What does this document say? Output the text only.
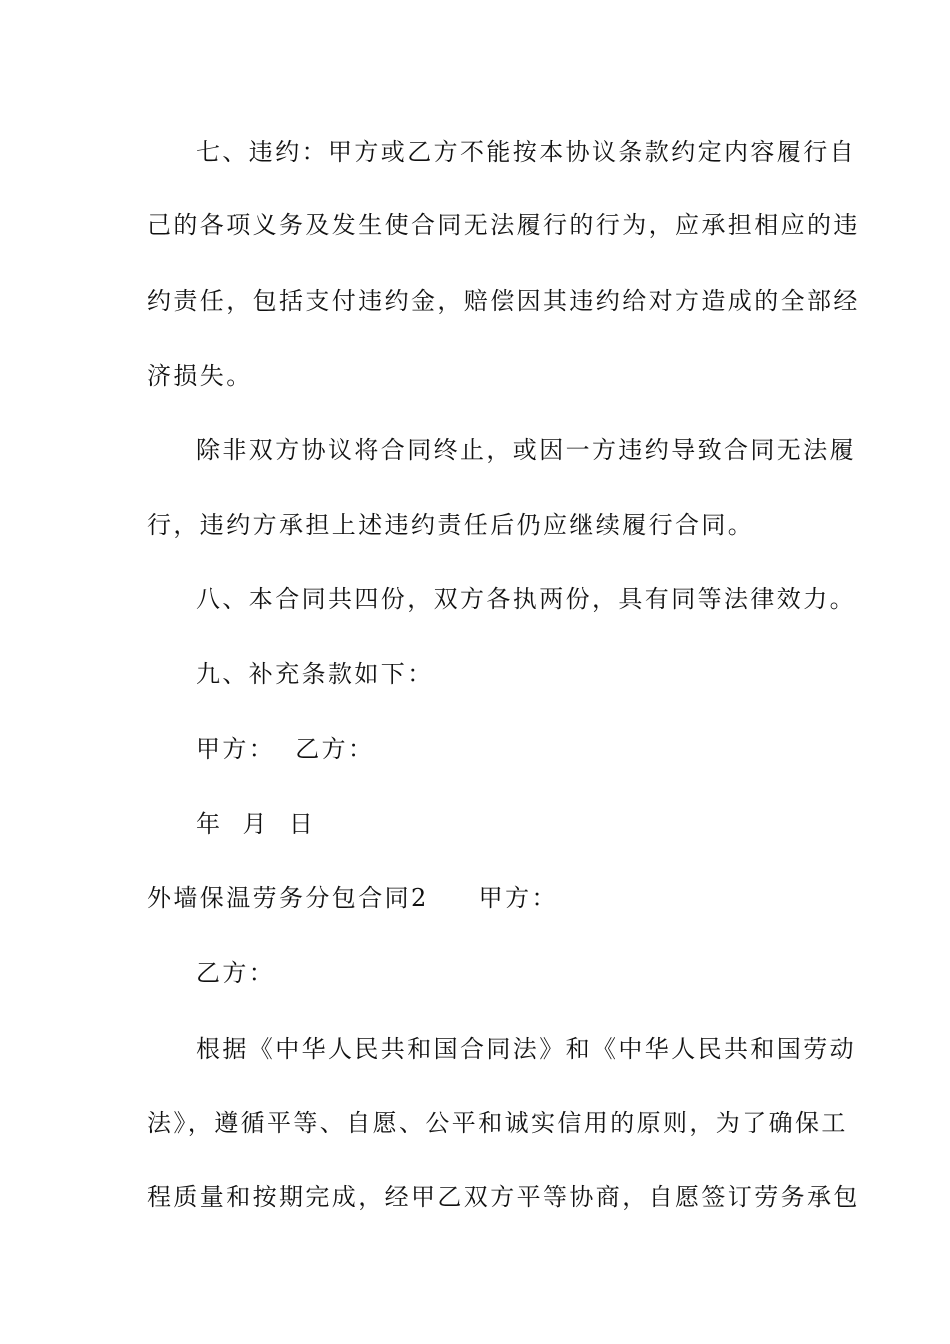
七、违约：甲方或乙方不能按本协议条款约定内容履行自
己的各项义务及发生使合同无法履行的行为，应承担相应的违
约责任，包括支付违约金，赔偿因其违约给对方造成的全部经
济损失。
除非双方协议将合同终止，或因一方违约导致合同无法履
行，违约方承担上述违约责任后仍应继续履行合同。
八、本合同共四份，双方各执两份，具有同等法律效力。
九、补充条款如下：
甲方：  乙方：
年  月  日
外墙保温劳务分包合同2 甲方：
乙方：
根据《中华人民共和国合同法》和《中华人民共和国劳动
法》，遵循平等、自愿、公平和诚实信用的原则，为了确保工
程质量和按期完成，经甲乙双方平等协商，自愿签订劳务承包
